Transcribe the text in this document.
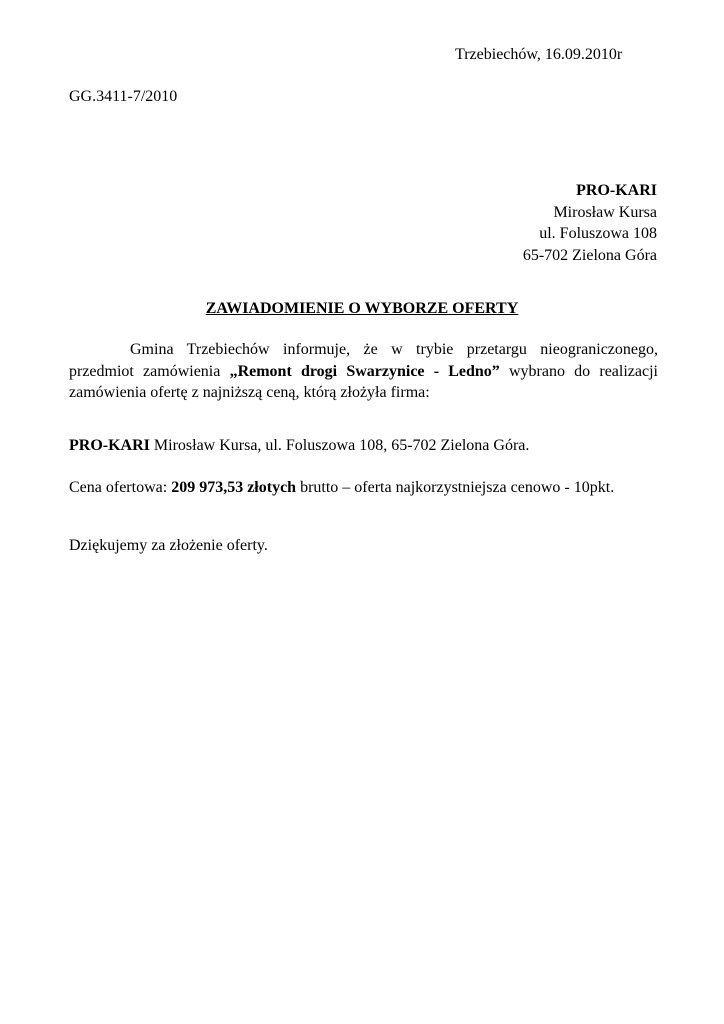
Trzebiechów, 16.09.2010r
GG.3411-7/2010
PRO-KARI
Mirosław Kursa
ul. Foluszowa 108
65-702 Zielona Góra
ZAWIADOMIENIE O WYBORZE OFERTY
Gmina Trzebiechów informuje, że w trybie przetargu nieograniczonego,
przedmiot zamówienia „Remont drogi Swarzynice - Ledno” wybrano do realizacji
zamówienia ofertę z najniższą ceną, którą złożyła firma:
PRO-KARI Mirosław Kursa, ul. Foluszowa 108, 65-702 Zielona Góra.
Cena ofertowa: 209 973,53 złotych brutto – oferta najkorzystniejsza cenowo - 10pkt.
Dziękujemy za złożenie oferty.
